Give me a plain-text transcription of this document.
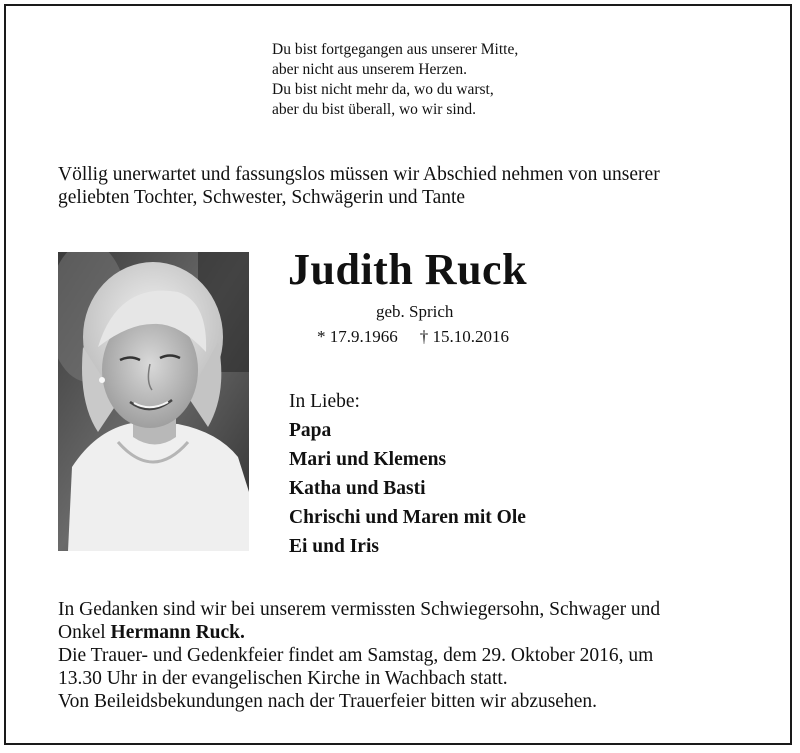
Du bist fortgegangen aus unserer Mitte,
aber nicht aus unserem Herzen.
Du bist nicht mehr da, wo du warst,
aber du bist überall, wo wir sind.
Völlig unerwartet und fassungslos müssen wir Abschied nehmen von unserer
geliebten Tochter, Schwester, Schwägerin und Tante
Judith Ruck
geb. Sprich
* 17.9.1966 † 15.10.2016
In Liebe:
Papa
Mari und Klemens
Katha und Basti
Chrischi und Maren mit Ole
Ei und Iris
In Gedanken sind wir bei unserem vermissten Schwiegersohn, Schwager und
Onkel Hermann Ruck.
Die Trauer- und Gedenkfeier findet am Samstag, dem 29. Oktober 2016, um
13.30 Uhr in der evangelischen Kirche in Wachbach statt.
Von Beileidsbekundungen nach der Trauerfeier bitten wir abzusehen.
